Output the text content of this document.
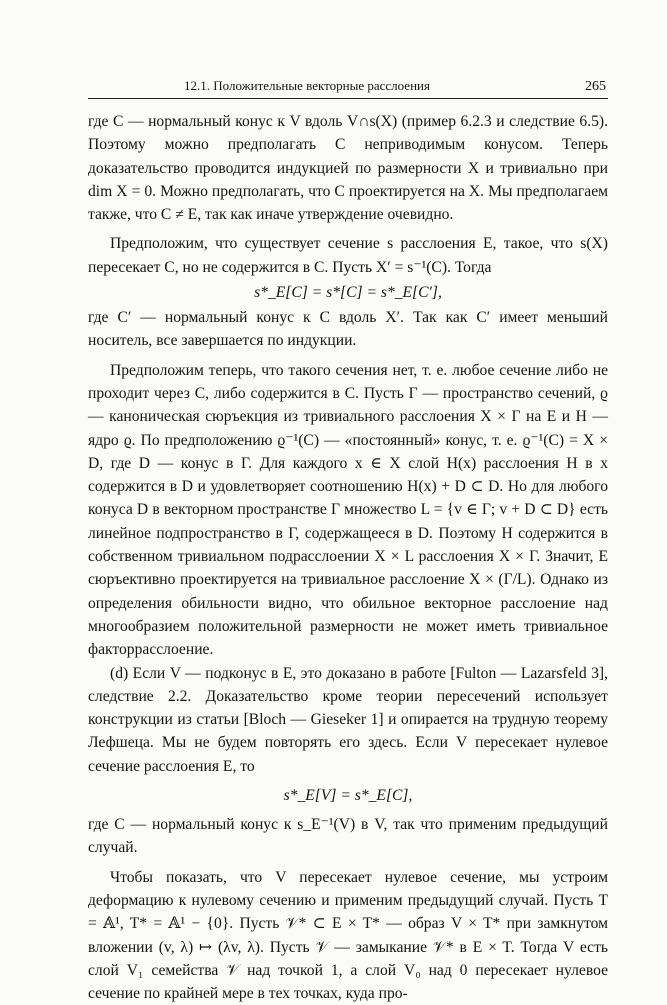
12.1. Положительные векторные расслоения	265

где C — нормальный конус к V вдоль V∩s(X) (пример 6.2.3 и следствие 6.5). Поэтому можно предполагать C неприводимым конусом. Теперь доказательство проводится индукцией по размерности X и тривиально при dim X = 0. Можно предполагать, что C проектируется на X. Мы предполагаем также, что C ≠ E, так как иначе утверждение очевидно.

Предположим, что существует сечение s расслоения E, такое, что s(X) пересекает C, но не содержится в C. Пусть X′ = s⁻¹(C). Тогда

s*_E[C] = s*[C] = s*_E[C′],

где C′ — нормальный конус к C вдоль X′. Так как C′ имеет меньший носитель, все завершается по индукции.

Предположим теперь, что такого сечения нет, т. е. любое сечение либо не проходит через C, либо содержится в C. Пусть Γ — пространство сечений, ϱ — каноническая сюръекция из тривиального расслоения X × Γ на E и H — ядро ϱ. По предположению ϱ⁻¹(C) — «постоянный» конус, т. е. ϱ⁻¹(C) = X × D, где D — конус в Γ. Для каждого x ∈ X слой H(x) расслоения H в x содержится в D и удовлетворяет соотношению H(x) + D ⊂ D. Но для любого конуса D в векторном пространстве Γ множество L = {v ∈ Γ; v + D ⊂ D} есть линейное подпространство в Γ, содержащееся в D. Поэтому H содержится в собственном тривиальном подрасслоении X × L расслоения X × Γ. Значит, E сюръективно проектируется на тривиальное расслоение X × (Γ/L). Однако из определения обильности видно, что обильное векторное расслоение над многообразием положительной размерности не может иметь тривиальное факторрасслоение.

(d) Если V — подконус в E, это доказано в работе [Fulton — Lazarsfeld 3], следствие 2.2. Доказательство кроме теории пересечений использует конструкции из статьи [Bloch — Gieseker 1] и опирается на трудную теорему Лефшеца. Мы не будем повторять его здесь. Если V пересекает нулевое сечение расслоения E, то

s*_E[V] = s*_E[C],

где C — нормальный конус к s_E⁻¹(V) в V, так что применим предыдущий случай.

Чтобы показать, что V пересекает нулевое сечение, мы устроим деформацию к нулевому сечению и применим предыдущий случай. Пусть T = 𝔸¹, T* = 𝔸¹ − {0}. Пусть 𝒱* ⊂ E × T* — образ V × T* при замкнутом вложении (v, λ) ↦ (λv, λ). Пусть 𝒱 — замыкание 𝒱* в E × T. Тогда V есть слой V₁ семейства 𝒱 над точкой 1, а слой V₀ над 0 пересекает нулевое сечение по крайней мере в тех точках, куда про-
